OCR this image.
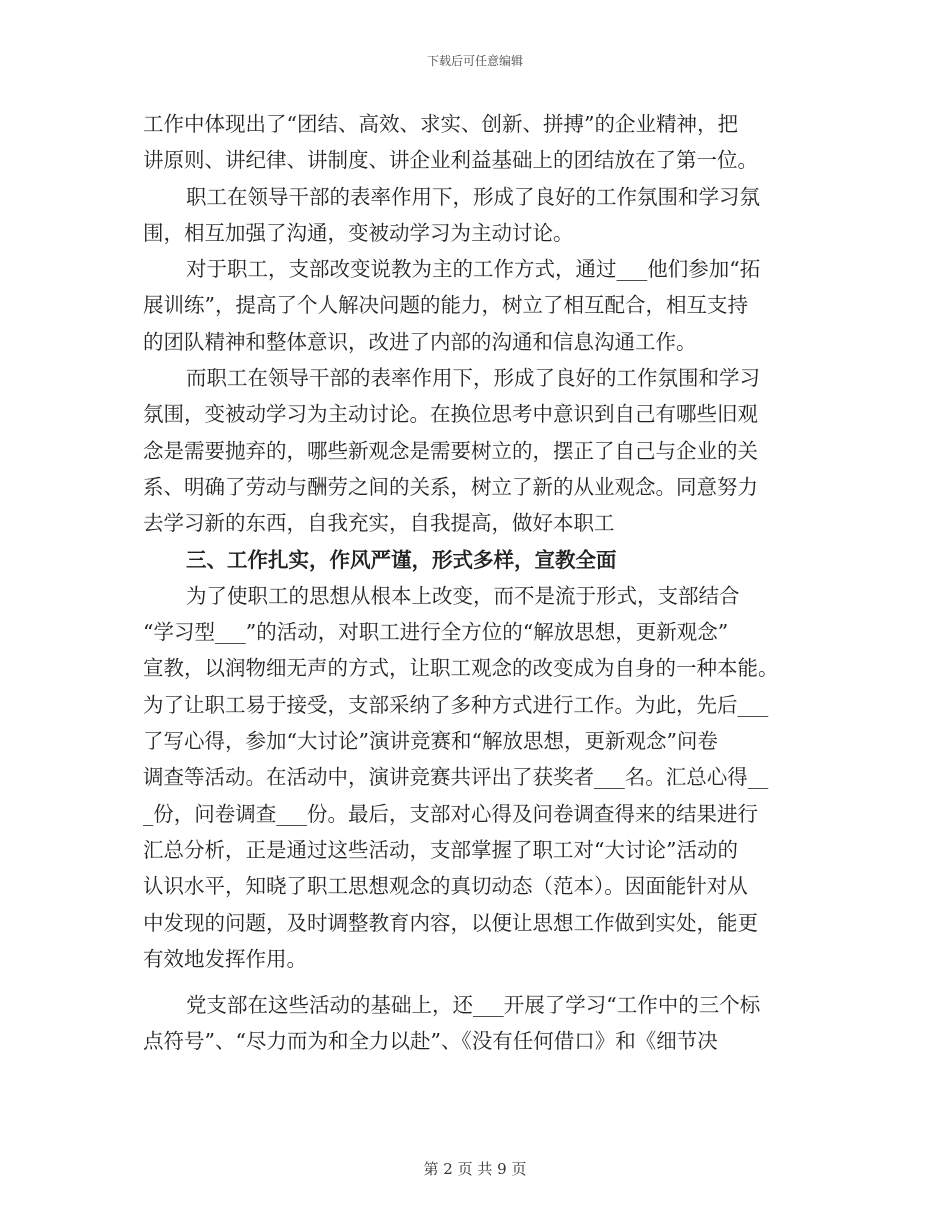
下载后可任意编辑
工作中体现出了“团结、高效、求实、创新、拼搏”的企业精神，把
讲原则、讲纪律、讲制度、讲企业利益基础上的团结放在了第一位。
职工在领导干部的表率作用下，形成了良好的工作氛围和学习氛
围，相互加强了沟通，变被动学习为主动讨论。
对于职工，支部改变说教为主的工作方式，通过___他们参加“拓
展训练”，提高了个人解决问题的能力，树立了相互配合，相互支持
的团队精神和整体意识，改进了内部的沟通和信息沟通工作。
而职工在领导干部的表率作用下，形成了良好的工作氛围和学习
氛围，变被动学习为主动讨论。在换位思考中意识到自己有哪些旧观
念是需要抛弃的，哪些新观念是需要树立的，摆正了自己与企业的关
系、明确了劳动与酬劳之间的关系，树立了新的从业观念。同意努力
去学习新的东西，自我充实，自我提高，做好本职工
三、工作扎实，作风严谨，形式多样，宣教全面
为了使职工的思想从根本上改变，而不是流于形式，支部结合
“学习型___”的活动，对职工进行全方位的“解放思想，更新观念”
宣教，以润物细无声的方式，让职工观念的改变成为自身的一种本能。
为了让职工易于接受，支部采纳了多种方式进行工作。为此，先后___
了写心得，参加“大讨论”演讲竞赛和“解放思想，更新观念”问卷
调查等活动。在活动中，演讲竞赛共评出了获奖者___名。汇总心得__
_份，问卷调查___份。最后，支部对心得及问卷调查得来的结果进行
汇总分析，正是通过这些活动，支部掌握了职工对“大讨论”活动的
认识水平，知晓了职工思想观念的真切动态（范本）。因面能针对从
中发现的问题，及时调整教育内容，以便让思想工作做到实处，能更
有效地发挥作用。
党支部在这些活动的基础上，还___开展了学习“工作中的三个标
点符号”、“尽力而为和全力以赴”、《没有任何借口》和《细节决
第 2 页 共 9 页
